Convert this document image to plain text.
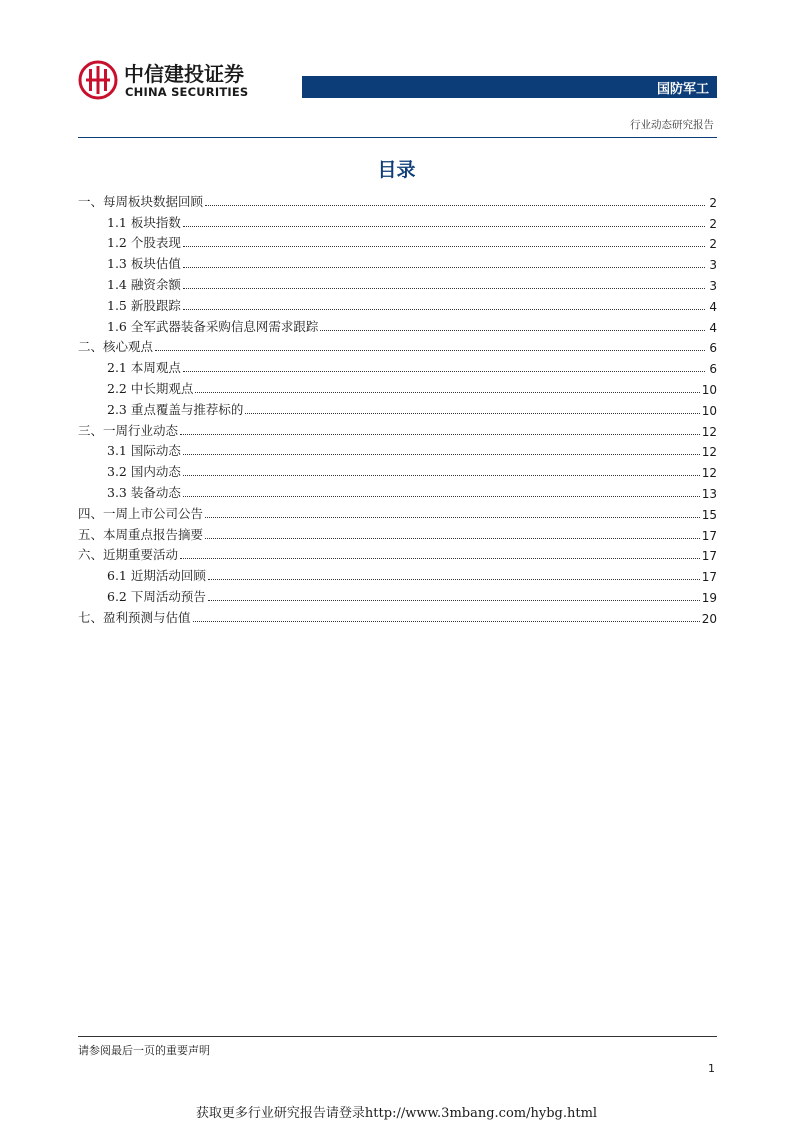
中信建投证券
CHINA SECURITIES	国防军工
行业动态研究报告
目录
一、每周板块数据回顾	2
1.1 板块指数	2
1.2 个股表现	2
1.3 板块估值	3
1.4 融资余额	3
1.5 新股跟踪	4
1.6 全军武器装备采购信息网需求跟踪	4
二、核心观点	6
2.1 本周观点	6
2.2 中长期观点	10
2.3 重点覆盖与推荐标的	10
三、一周行业动态	12
3.1 国际动态	12
3.2 国内动态	12
3.3 装备动态	13
四、一周上市公司公告	15
五、本周重点报告摘要	17
六、近期重要活动	17
6.1 近期活动回顾	17
6.2 下周活动预告	19
七、盈利预测与估值	20
请参阅最后一页的重要声明
1
获取更多行业研究报告请登录http://www.3mbang.com/hybg.html
